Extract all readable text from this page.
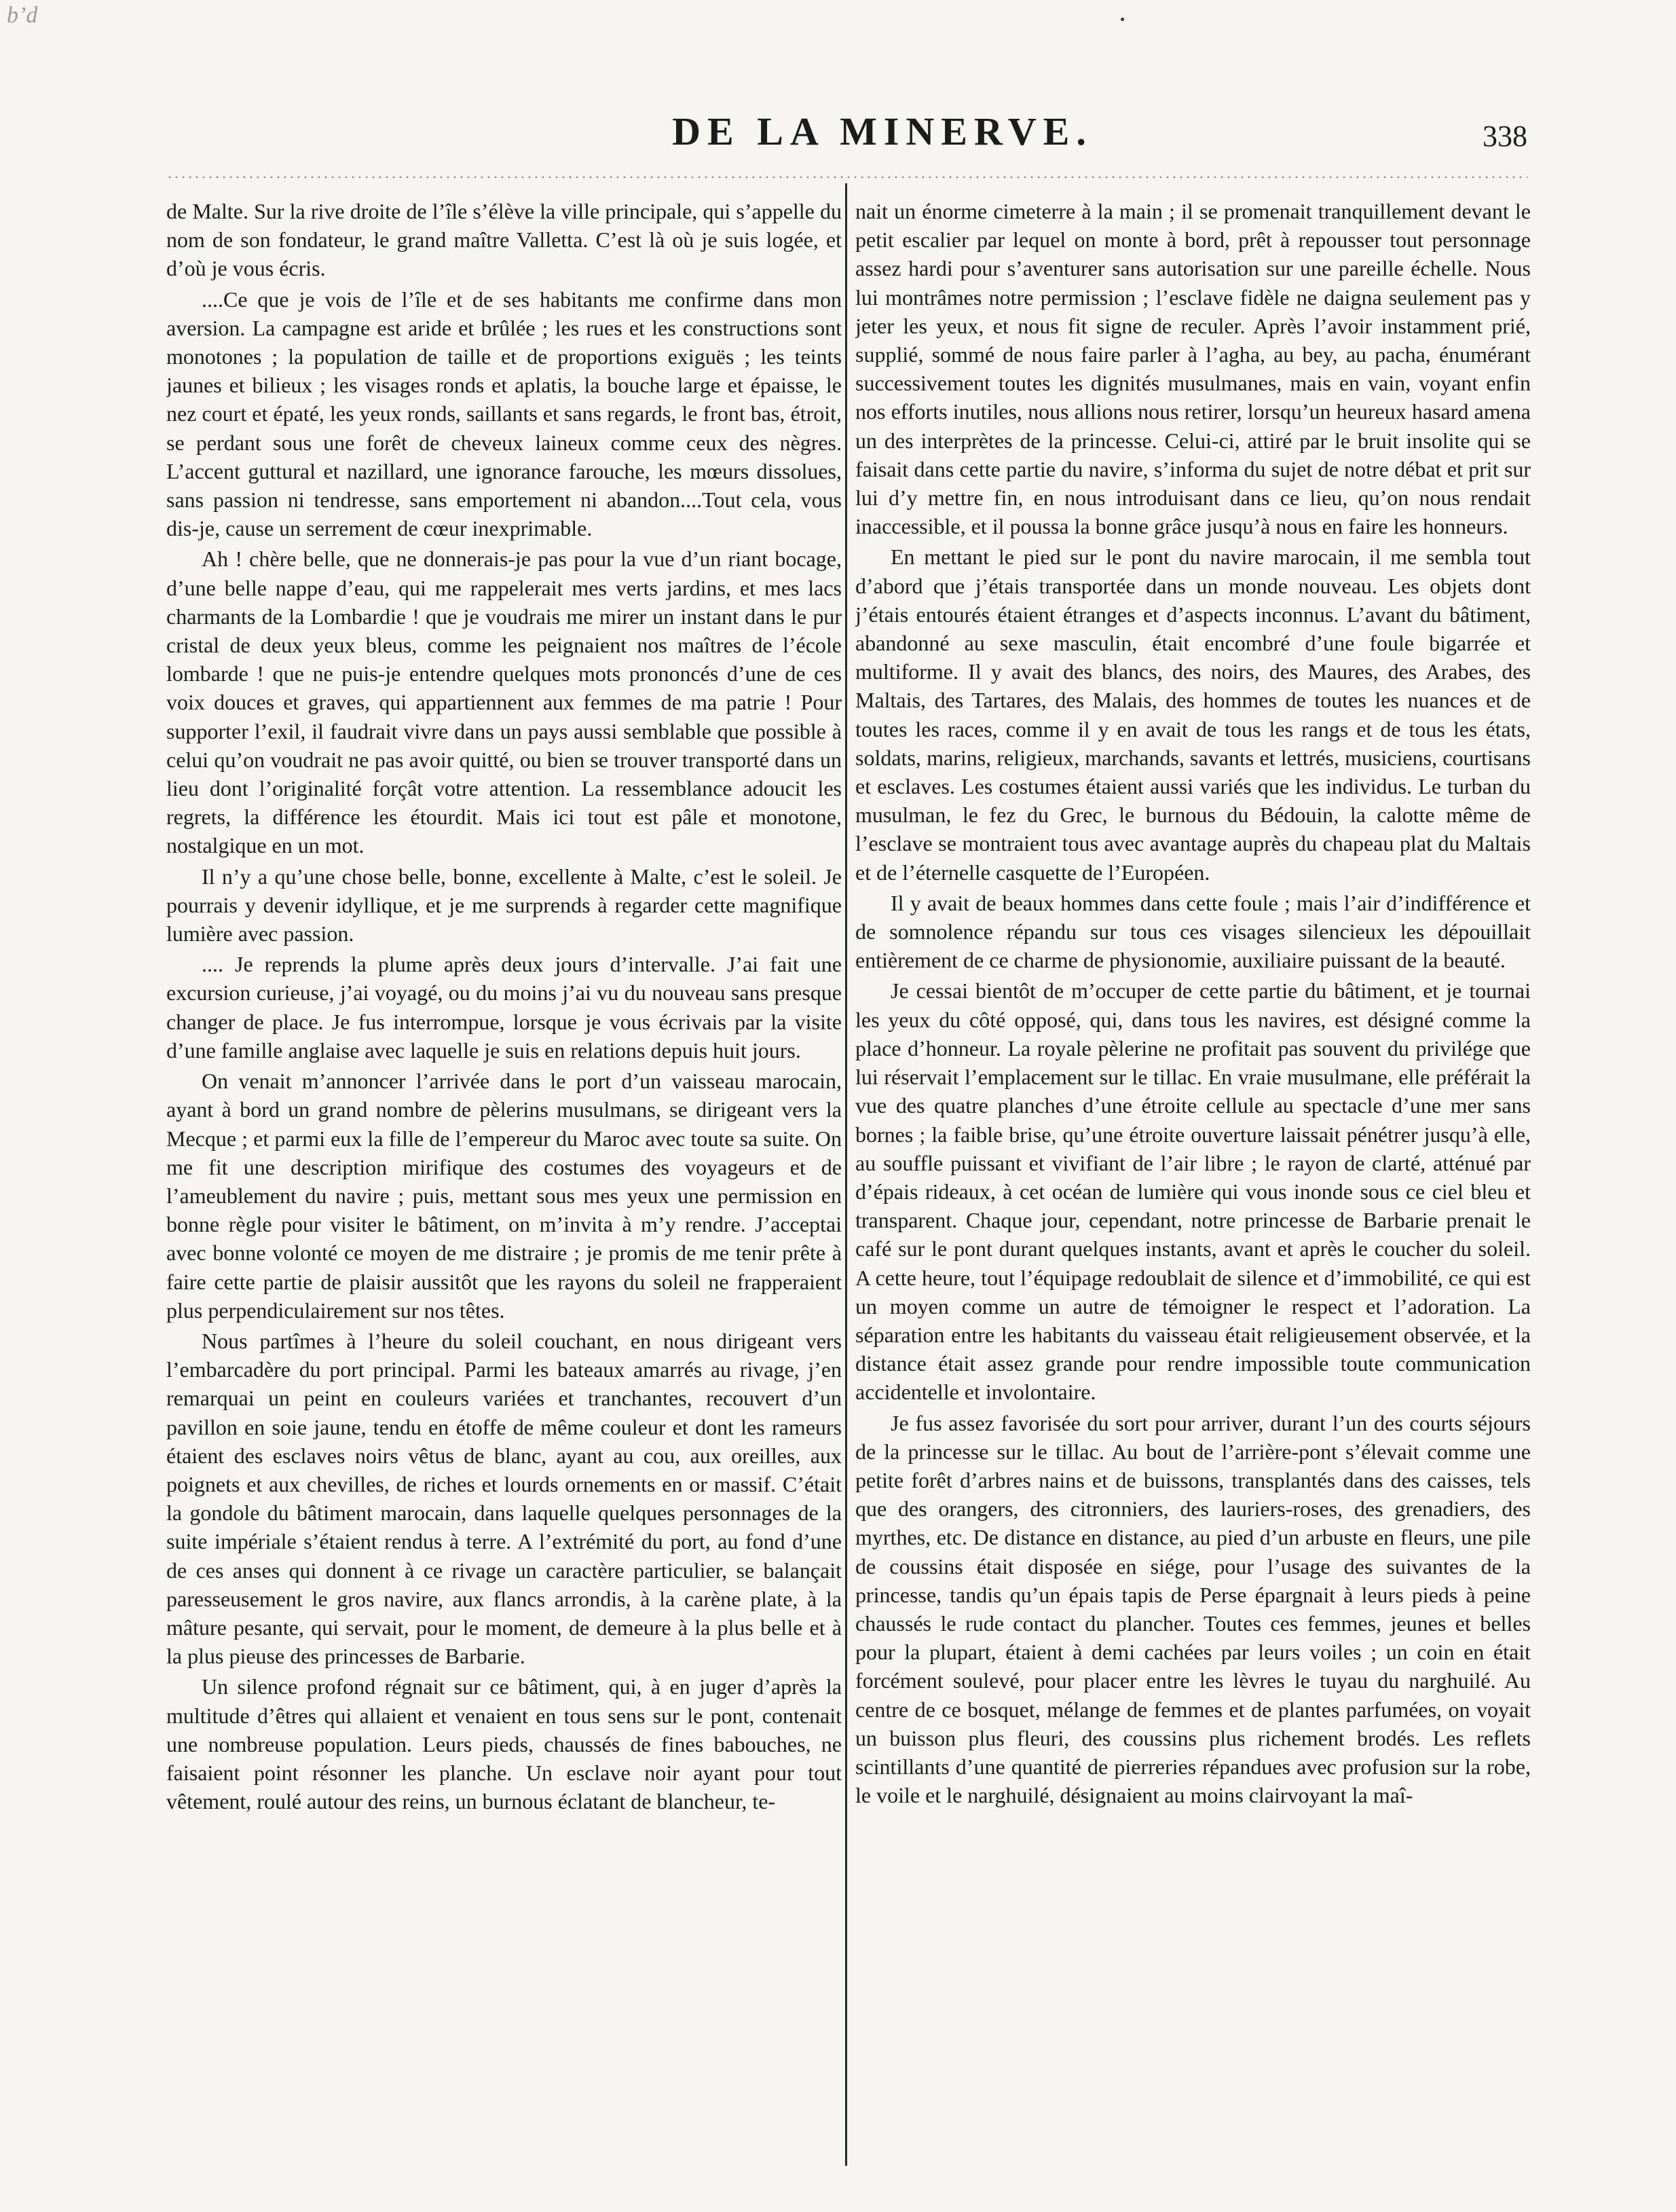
b’d
DE LA MINERVE.	338

de Malte. Sur la rive droite de l’île s’élève la ville principale, qui s’appelle du nom de son fondateur, le grand maître Valletta. C’est là où je suis logée, et d’où je vous écris.

....Ce que je vois de l’île et de ses habitants me confirme dans mon aversion. La campagne est aride et brûlée ; les rues et les constructions sont monotones ; la population de taille et de proportions exiguës ; les teints jaunes et bilieux ; les visages ronds et aplatis, la bouche large et épaisse, le nez court et épaté, les yeux ronds, saillants et sans regards, le front bas, étroit, se perdant sous une forêt de cheveux laineux comme ceux des nègres. L’accent guttural et nazillard, une ignorance farouche, les mœurs dissolues, sans passion ni tendresse, sans emportement ni abandon....Tout cela, vous dis-je, cause un serrement de cœur inexprimable.

Ah ! chère belle, que ne donnerais-je pas pour la vue d’un riant bocage, d’une belle nappe d’eau, qui me rappelerait mes verts jardins, et mes lacs charmants de la Lombardie ! que je voudrais me mirer un instant dans le pur cristal de deux yeux bleus, comme les peignaient nos maîtres de l’école lombarde ! que ne puis-je entendre quelques mots prononcés d’une de ces voix douces et graves, qui appartiennent aux femmes de ma patrie ! Pour supporter l’exil, il faudrait vivre dans un pays aussi semblable que possible à celui qu’on voudrait ne pas avoir quitté, ou bien se trouver transporté dans un lieu dont l’originalité forçât votre attention. La ressemblance adoucit les regrets, la différence les étourdit. Mais ici tout est pâle et monotone, nostalgique en un mot.

Il n’y a qu’une chose belle, bonne, excellente à Malte, c’est le soleil. Je pourrais y devenir idyllique, et je me surprends à regarder cette magnifique lumière avec passion.

.... Je reprends la plume après deux jours d’intervalle. J’ai fait une excursion curieuse, j’ai voyagé, ou du moins j’ai vu du nouveau sans presque changer de place. Je fus interrompue, lorsque je vous écrivais par la visite d’une famille anglaise avec laquelle je suis en relations depuis huit jours.

On venait m’annoncer l’arrivée dans le port d’un vaisseau marocain, ayant à bord un grand nombre de pèlerins musulmans, se dirigeant vers la Mecque ; et parmi eux la fille de l’empereur du Maroc avec toute sa suite. On me fit une description mirifique des costumes des voyageurs et de l’ameublement du navire ; puis, mettant sous mes yeux une permission en bonne règle pour visiter le bâtiment, on m’invita à m’y rendre. J’acceptai avec bonne volonté ce moyen de me distraire ; je promis de me tenir prête à faire cette partie de plaisir aussitôt que les rayons du soleil ne frapperaient plus perpendiculairement sur nos têtes.

Nous partîmes à l’heure du soleil couchant, en nous dirigeant vers l’embarcadère du port principal. Parmi les bateaux amarrés au rivage, j’en remarquai un peint en couleurs variées et tranchantes, recouvert d’un pavillon en soie jaune, tendu en étoffe de même couleur et dont les rameurs étaient des esclaves noirs vêtus de blanc, ayant au cou, aux oreilles, aux poignets et aux chevilles, de riches et lourds ornements en or massif. C’était la gondole du bâtiment marocain, dans laquelle quelques personnages de la suite impériale s’étaient rendus à terre. A l’extrémité du port, au fond d’une de ces anses qui donnent à ce rivage un caractère particulier, se balançait paresseusement le gros navire, aux flancs arrondis, à la carène plate, à la mâture pesante, qui servait, pour le moment, de demeure à la plus belle et à la plus pieuse des princesses de Barbarie.

Un silence profond régnait sur ce bâtiment, qui, à en juger d’après la multitude d’êtres qui allaient et venaient en tous sens sur le pont, contenait une nombreuse population. Leurs pieds, chaussés de fines babouches, ne faisaient point résonner les planche. Un esclave noir ayant pour tout vêtement, roulé autour des reins, un burnous éclatant de blancheur, te-

nait un énorme cimeterre à la main ; il se promenait tranquillement devant le petit escalier par lequel on monte à bord, prêt à repousser tout personnage assez hardi pour s’aventurer sans autorisation sur une pareille échelle. Nous lui montrâmes notre permission ; l’esclave fidèle ne daigna seulement pas y jeter les yeux, et nous fit signe de reculer. Après l’avoir instamment prié, supplié, sommé de nous faire parler à l’agha, au bey, au pacha, énumérant successivement toutes les dignités musulmanes, mais en vain, voyant enfin nos efforts inutiles, nous allions nous retirer, lorsqu’un heureux hasard amena un des interprètes de la princesse. Celui-ci, attiré par le bruit insolite qui se faisait dans cette partie du navire, s’informa du sujet de notre débat et prit sur lui d’y mettre fin, en nous introduisant dans ce lieu, qu’on nous rendait inaccessible, et il poussa la bonne grâce jusqu’à nous en faire les honneurs.

En mettant le pied sur le pont du navire marocain, il me sembla tout d’abord que j’étais transportée dans un monde nouveau. Les objets dont j’étais entourés étaient étranges et d’aspects inconnus. L’avant du bâtiment, abandonné au sexe masculin, était encombré d’une foule bigarrée et multiforme. Il y avait des blancs, des noirs, des Maures, des Arabes, des Maltais, des Tartares, des Malais, des hommes de toutes les nuances et de toutes les races, comme il y en avait de tous les rangs et de tous les états, soldats, marins, religieux, marchands, savants et lettrés, musiciens, courtisans et esclaves. Les costumes étaient aussi variés que les individus. Le turban du musulman, le fez du Grec, le burnous du Bédouin, la calotte même de l’esclave se montraient tous avec avantage auprès du chapeau plat du Maltais et de l’éternelle casquette de l’Européen.

Il y avait de beaux hommes dans cette foule ; mais l’air d’indifférence et de somnolence répandu sur tous ces visages silencieux les dépouillait entièrement de ce charme de physionomie, auxiliaire puissant de la beauté.

Je cessai bientôt de m’occuper de cette partie du bâtiment, et je tournai les yeux du côté opposé, qui, dans tous les navires, est désigné comme la place d’honneur. La royale pèlerine ne profitait pas souvent du privilége que lui réservait l’emplacement sur le tillac. En vraie musulmane, elle préférait la vue des quatre planches d’une étroite cellule au spectacle d’une mer sans bornes ; la faible brise, qu’une étroite ouverture laissait pénétrer jusqu’à elle, au souffle puissant et vivifiant de l’air libre ; le rayon de clarté, atténué par d’épais rideaux, à cet océan de lumière qui vous inonde sous ce ciel bleu et transparent. Chaque jour, cependant, notre princesse de Barbarie prenait le café sur le pont durant quelques instants, avant et après le coucher du soleil. A cette heure, tout l’équipage redoublait de silence et d’immobilité, ce qui est un moyen comme un autre de témoigner le respect et l’adoration. La séparation entre les habitants du vaisseau était religieusement observée, et la distance était assez grande pour rendre impossible toute communication accidentelle et involontaire.

Je fus assez favorisée du sort pour arriver, durant l’un des courts séjours de la princesse sur le tillac. Au bout de l’arrière-pont s’élevait comme une petite forêt d’arbres nains et de buissons, transplantés dans des caisses, tels que des orangers, des citronniers, des lauriers-roses, des grenadiers, des myrthes, etc. De distance en distance, au pied d’un arbuste en fleurs, une pile de coussins était disposée en siége, pour l’usage des suivantes de la princesse, tandis qu’un épais tapis de Perse épargnait à leurs pieds à peine chaussés le rude contact du plancher. Toutes ces femmes, jeunes et belles pour la plupart, étaient à demi cachées par leurs voiles ; un coin en était forcément soulevé, pour placer entre les lèvres le tuyau du narghuilé. Au centre de ce bosquet, mélange de femmes et de plantes parfumées, on voyait un buisson plus fleuri, des coussins plus richement brodés. Les reflets scintillants d’une quantité de pierreries répandues avec profusion sur la robe, le voile et le narghuilé, désignaient au moins clairvoyant la maî-
